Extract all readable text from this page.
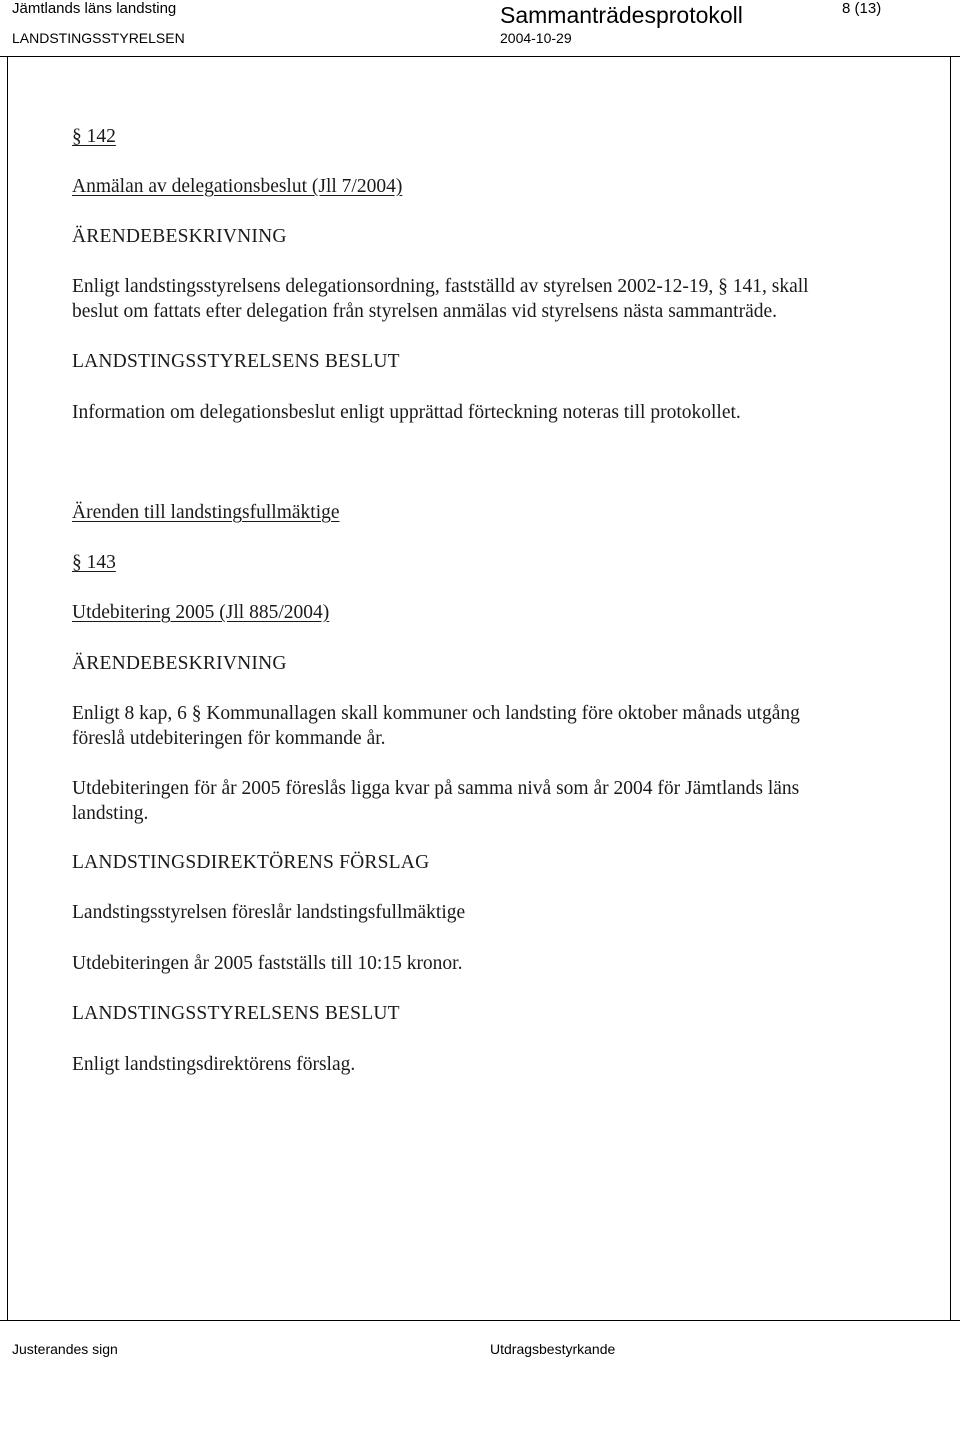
Jämtlands läns landsting	Sammanträdesprotokoll	8 (13)
LANDSTINGSSTYRELSEN	2004-10-29
§ 142
Anmälan av delegationsbeslut (Jll 7/2004)
ÄRENDEBESKRIVNING
Enligt landstingsstyrelsens delegationsordning, fastställd av styrelsen 2002-12-19, § 141, skall
beslut om fattats efter delegation från styrelsen anmälas vid styrelsens nästa sammanträde.
LANDSTINGSSTYRELSENS BESLUT
Information om delegationsbeslut enligt upprättad förteckning noteras till protokollet.
Ärenden till landstingsfullmäktige
§ 143
Utdebitering 2005 (Jll 885/2004)
ÄRENDEBESKRIVNING
Enligt 8 kap, 6 § Kommunallagen skall kommuner och landsting före oktober månads utgång
föreslå utdebiteringen för kommande år.
Utdebiteringen för år 2005 föreslås ligga kvar på samma nivå som år 2004 för Jämtlands läns
landsting.
LANDSTINGSDIREKTÖRENS FÖRSLAG
Landstingsstyrelsen föreslår landstingsfullmäktige
Utdebiteringen år 2005 fastställs till 10:15 kronor.
LANDSTINGSSTYRELSENS BESLUT
Enligt landstingsdirektörens förslag.
Justerandes sign	Utdragsbestyrkande
